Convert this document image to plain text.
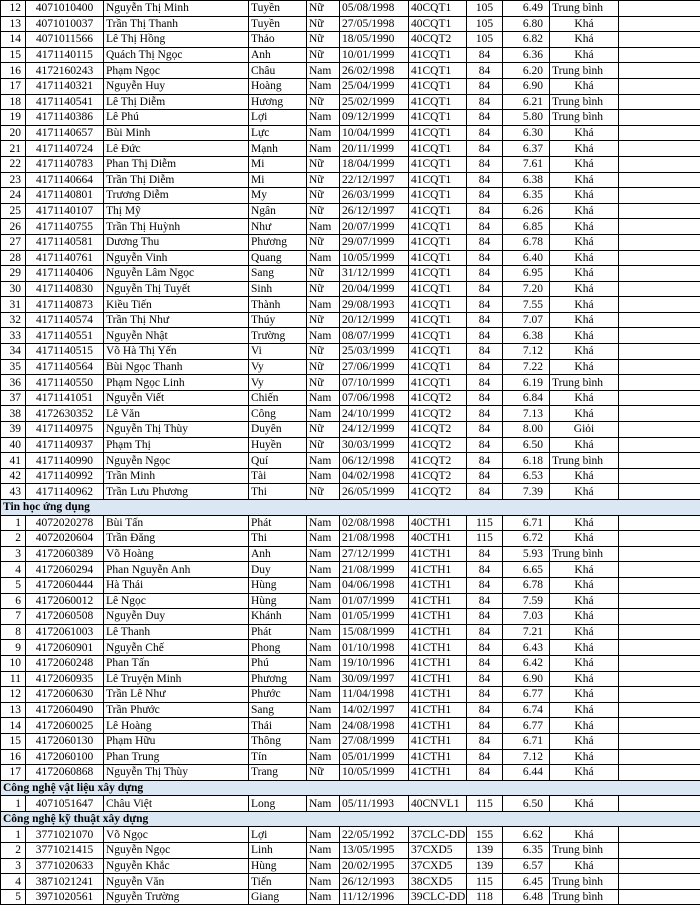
12	4071010400	Nguyễn Thị Minh	Tuyền	Nữ	05/08/1998	40CQT1	105	6.49	Trung bình	
13	4071010037	Trần Thị Thanh	Tuyền	Nữ	27/05/1998	40CQT1	105	6.80	Khá	
14	4071011566	Lê Thị Hồng	Thảo	Nữ	18/05/1990	40CQT2	105	6.82	Khá	
15	4171140115	Quách Thị Ngọc	Anh	Nữ	10/01/1999	41CQT1	84	6.36	Khá	
16	4172160243	Phạm Ngọc	Châu	Nam	26/02/1998	41CQT1	84	6.20	Trung bình	
17	4171140321	Nguyễn Huy	Hoàng	Nam	25/04/1999	41CQT1	84	6.90	Khá	
18	4171140541	Lê Thị Diễm	Hương	Nữ	25/02/1999	41CQT1	84	6.21	Trung bình	
19	4171140386	Lê Phú	Lợi	Nam	09/12/1999	41CQT1	84	5.80	Trung bình	
20	4171140657	Bùi Minh	Lực	Nam	10/04/1999	41CQT1	84	6.30	Khá	
21	4171140724	Lê Đức	Mạnh	Nam	20/11/1999	41CQT1	84	6.37	Khá	
22	4171140783	Phan Thị Diễm	Mi	Nữ	18/04/1999	41CQT1	84	7.61	Khá	
23	4171140664	Trần Thị Diễm	Mi	Nữ	22/12/1997	41CQT1	84	6.38	Khá	
24	4171140801	Trương Diễm	My	Nữ	26/03/1999	41CQT1	84	6.35	Khá	
25	4171140107	Thị Mỹ	Ngân	Nữ	26/12/1997	41CQT1	84	6.26	Khá	
26	4171140755	Trần Thị Huỳnh	Như	Nam	20/07/1999	41CQT1	84	6.85	Khá	
27	4171140581	Dương Thu	Phương	Nữ	29/07/1999	41CQT1	84	6.78	Khá	
28	4171140761	Nguyễn Vinh	Quang	Nam	10/05/1999	41CQT1	84	6.40	Khá	
29	4171140406	Nguyễn Lâm Ngọc	Sang	Nữ	31/12/1999	41CQT1	84	6.95	Khá	
30	4171140830	Nguyễn Thị Tuyết	Sinh	Nữ	20/04/1999	41CQT1	84	7.20	Khá	
31	4171140873	Kiều Tiến	Thành	Nam	29/08/1993	41CQT1	84	7.55	Khá	
32	4171140574	Trần Thị Như	Thúy	Nữ	20/12/1999	41CQT1	84	7.07	Khá	
33	4171140551	Nguyễn Nhật	Trường	Nam	08/07/1999	41CQT1	84	6.38	Khá	
34	4171140515	Võ Hà Thị Yến	Vi	Nữ	25/03/1999	41CQT1	84	7.12	Khá	
35	4171140564	Bùi Ngọc Thanh	Vy	Nữ	27/06/1999	41CQT1	84	7.22	Khá	
36	4171140550	Phạm Ngọc Linh	Vy	Nữ	07/10/1999	41CQT1	84	6.19	Trung bình	
37	4171141051	Nguyễn Viết	Chiến	Nam	07/06/1998	41CQT2	84	6.84	Khá	
38	4172630352	Lê Văn	Công	Nam	24/10/1999	41CQT2	84	7.13	Khá	
39	4171140975	Nguyễn Thị Thùy	Duyên	Nữ	24/12/1999	41CQT2	84	8.00	Giỏi	
40	4171140937	Phạm Thị	Huyền	Nữ	30/03/1999	41CQT2	84	6.50	Khá	
41	4171140990	Nguyễn Ngọc	Quí	Nam	06/12/1998	41CQT2	84	6.18	Trung bình	
42	4171140992	Trần Minh	Tài	Nam	04/02/1998	41CQT2	84	6.53	Khá	
43	4171140962	Trần Lưu Phương	Thi	Nữ	26/05/1999	41CQT2	84	7.39	Khá	
Tin học ứng dụng										
1	4072020278	Bùi Tấn	Phát	Nam	02/08/1998	40CTH1	115	6.71	Khá	
2	4072020604	Trần Đăng	Thi	Nam	21/08/1998	40CTH1	115	6.72	Khá	
3	4172060389	Võ Hoàng	Anh	Nam	27/12/1999	41CTH1	84	5.93	Trung bình	
4	4172060294	Phan Nguyễn Anh	Duy	Nam	21/08/1999	41CTH1	84	6.65	Khá	
5	4172060444	Hà Thái	Hùng	Nam	04/06/1998	41CTH1	84	6.78	Khá	
6	4172060012	Lê Ngọc	Hùng	Nam	01/07/1999	41CTH1	84	7.59	Khá	
7	4172060508	Nguyễn Duy	Khánh	Nam	01/05/1999	41CTH1	84	7.03	Khá	
8	4172061003	Lê Thanh	Phát	Nam	15/08/1999	41CTH1	84	7.21	Khá	
9	4172060901	Nguyễn Chế	Phong	Nam	01/10/1998	41CTH1	84	6.43	Khá	
10	4172060248	Phan Tấn	Phú	Nam	19/10/1996	41CTH1	84	6.42	Khá	
11	4172060935	Lê Truyện Minh	Phương	Nam	30/09/1997	41CTH1	84	6.90	Khá	
12	4172060630	Trần Lê Như	Phước	Nam	11/04/1998	41CTH1	84	6.77	Khá	
13	4172060490	Trần Phước	Sang	Nam	14/02/1997	41CTH1	84	6.74	Khá	
14	4172060025	Lê Hoàng	Thái	Nam	24/08/1998	41CTH1	84	6.77	Khá	
15	4172060130	Phạm Hữu	Thông	Nam	27/08/1999	41CTH1	84	6.71	Khá	
16	4172060100	Phan Trung	Tín	Nam	05/01/1999	41CTH1	84	7.12	Khá	
17	4172060868	Nguyễn Thị Thùy	Trang	Nữ	10/05/1999	41CTH1	84	6.44	Khá	
Công nghệ vật liệu xây dựng										
1	4071051647	Châu Việt	Long	Nam	05/11/1993	40CNVL1	115	6.50	Khá	
Công nghệ kỹ thuật xây dựng										
1	3771021070	Võ Ngọc	Lợi	Nam	22/05/1992	37CLC-DD	155	6.62	Khá	
2	3771021415	Nguyễn Ngọc	Linh	Nam	13/05/1995	37CXD5	139	6.35	Trung bình	
3	3771020633	Nguyễn Khắc	Hùng	Nam	20/02/1995	37CXD5	139	6.57	Khá	
4	3871021241	Nguyễn Văn	Tiến	Nam	26/12/1993	38CXD5	115	6.45	Trung bình	
5	3971020561	Nguyễn Trường	Giang	Nam	11/12/1996	39CLC-DD	118	6.48	Trung bình	
